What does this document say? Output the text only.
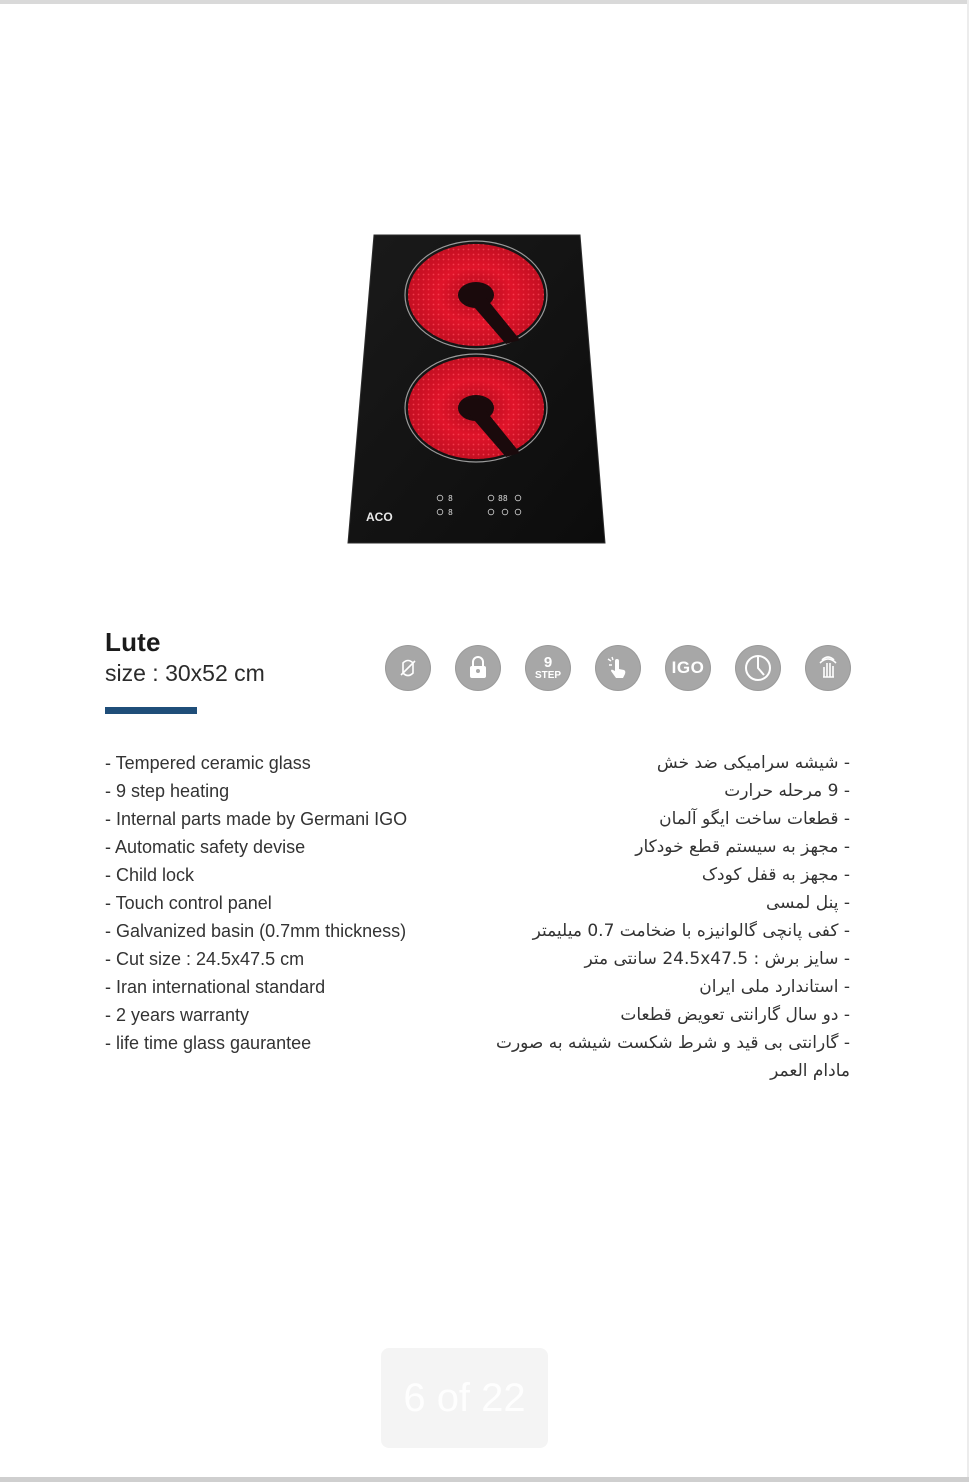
ACO
8
8
88
Lute
size : 30x52 cm	9
STEP	IGO
- Tempered ceramic glass
- 9 step heating
- Internal parts made by Germani IGO
- Automatic safety devise
- Child lock
- Touch control panel
- Galvanized basin (0.7mm thickness)
- Cut size : 24.5x47.5 cm
- Iran international standard
- 2 years warranty
- life time glass gaurantee
- شیشه سرامیکی ضد خش
- 9 مرحله حرارت
- قطعات ساخت ایگو آلمان
- مجهز به سیستم قطع خودکار
- مجهز به قفل کودک
- پنل لمسی
- کفی پانچی گالوانیزه با ضخامت 0.7 میلیمتر
- سایز برش : 24.5x47.5 سانتی متر
- استاندارد ملی ایران
- دو سال گارانتی تعویض قطعات
- گارانتی بی قید و شرط شکست شیشه به صورت مادام العمر
6 of 22
